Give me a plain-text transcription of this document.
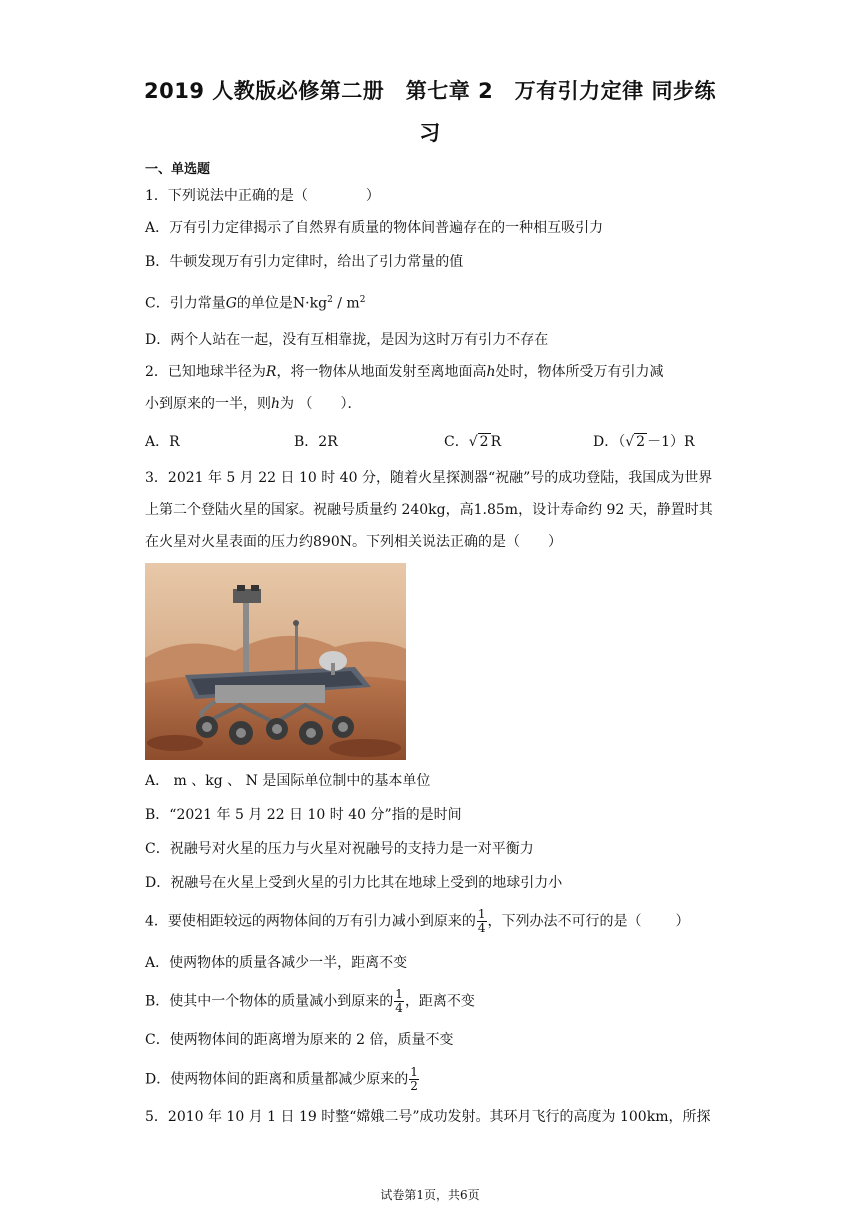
2019 人教版必修第二册　第七章 2　万有引力定律 同步练
习
一、单选题
1．下列说法中正确的是（	）
A．万有引力定律揭示了自然界有质量的物体间普遍存在的一种相互吸引力
B．牛顿发现万有引力定律时，给出了引力常量的值
C．引力常量G的单位是$N\cdot kg^2 / m^2$
D．两个人站在一起，没有互相靠拢，是因为这时万有引力不存在
2．已知地球半径为R，将一物体从地面发射至离地面高h处时，物体所受万有引力减
小到原来的一半，则h为 （　　）．
A．R	B．2R	C．√ 2 R	D．（√ 2 －1）R
3．2021 年 5 月 22 日 10 时 40 分，随着火星探测器“祝融”号的成功登陆，我国成为世界上第二个登陆火星的国家。祝融号质量约 240kg，高1.85m，设计寿命约 92 天，静置时其在火星对火星表面的压力约890N。下列相关说法正确的是（　　）
A． m 、kg 、 N 是国际单位制中的基本单位
B．“2021 年 5 月 22 日 10 时 40 分”指的是时间
C．祝融号对火星的压力与火星对祝融号的支持力是一对平衡力
D．祝融号在火星上受到火星的引力比其在地球上受到的地球引力小
4．要使相距较远的两物体间的万有引力减小到原来的 $\frac{1}{4}$ ，下列办法不可行的是（ ）
A．使两物体的质量各减少一半，距离不变
B．使其中一个物体的质量减小到原来的 $\frac{1}{4}$ ，距离不变
C．使两物体间的距离增为原来的 2 倍，质量不变
D．使两物体间的距离和质量都减少原来的 $\frac{1}{2}$
5．2010 年 10 月 1 日 19 时整“嫦娥二号”成功发射。其环月飞行的高度为 100km，所探
试卷第1页，共6页
